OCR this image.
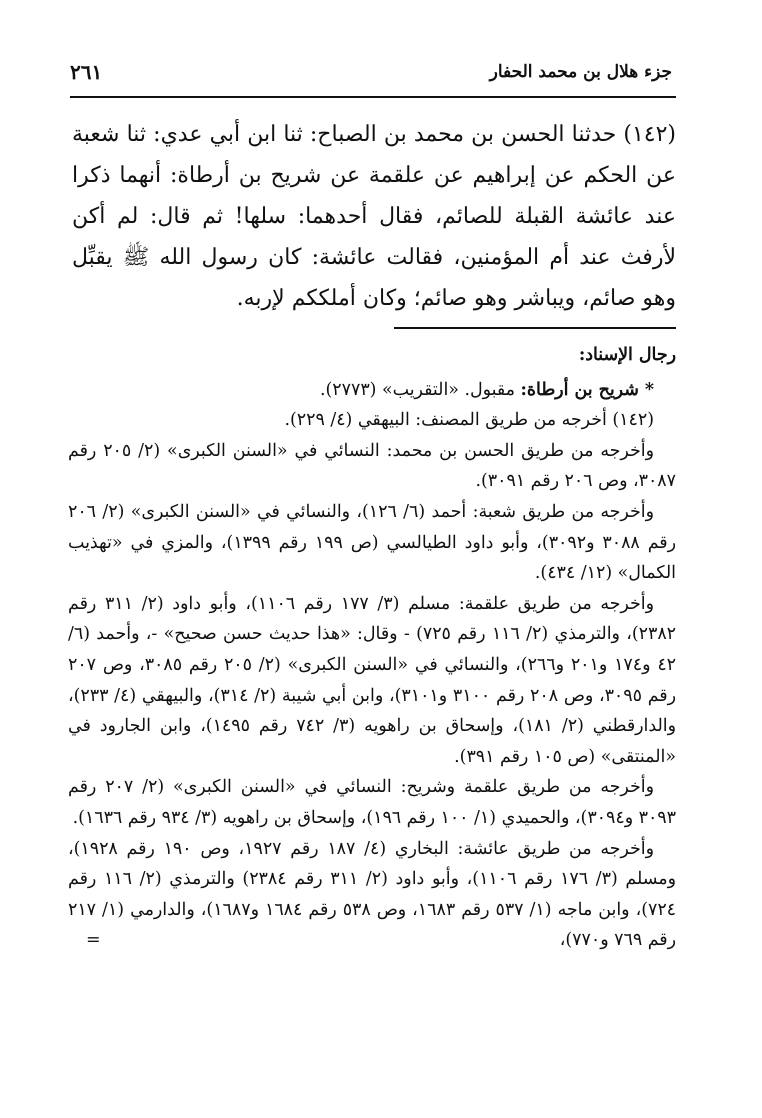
جزء هلال بن محمد الحفار
٢٦١

(١٤٢) حدثنا الحسن بن محمد بن الصباح: ثنا ابن أبي عدي: ثنا شعبة عن الحكم عن إبراهيم عن علقمة عن شريح بن أرطاة: أنهما ذكرا عند عائشة القبلة للصائم، فقال أحدهما: سلها! ثم قال: لم أكن لأرفث عند أم المؤمنين، فقالت عائشة: كان رسول الله ﷺ يقبِّل وهو صائم، ويباشر وهو صائم؛ وكان أملككم لإربه.

رجال الإسناد:

* شريح بن أرطاة: مقبول. «التقريب» (٢٧٧٣).

(١٤٢) أخرجه من طريق المصنف: البيهقي (٤/ ٢٢٩).

وأخرجه من طريق الحسن بن محمد: النسائي في «السنن الكبرى» (٢/ ٢٠٥ رقم ٣٠٨٧، وص ٢٠٦ رقم ٣٠٩١).

وأخرجه من طريق شعبة: أحمد (٦/ ١٢٦)، والنسائي في «السنن الكبرى» (٢/ ٢٠٦ رقم ٣٠٨٨ و٣٠٩٢)، وأبو داود الطيالسي (ص ١٩٩ رقم ١٣٩٩)، والمزي في «تهذيب الكمال» (١٢/ ٤٣٤).

وأخرجه من طريق علقمة: مسلم (٣/ ١٧٧ رقم ١١٠٦)، وأبو داود (٢/ ٣١١ رقم ٢٣٨٢)، والترمذي (٢/ ١١٦ رقم ٧٢٥) - وقال: «هذا حديث حسن صحيح» -، وأحمد (٦/ ٤٢ و١٧٤ و٢٠١ و٢٦٦)، والنسائي في «السنن الكبرى» (٢/ ٢٠٥ رقم ٣٠٨٥، وص ٢٠٧ رقم ٣٠٩٥، وص ٢٠٨ رقم ٣١٠٠ و٣١٠١)، وابن أبي شيبة (٢/ ٣١٤)، والبيهقي (٤/ ٢٣٣)، والدارقطني (٢/ ١٨١)، وإسحاق بن راهويه (٣/ ٧٤٢ رقم ١٤٩٥)، وابن الجارود في «المنتقى» (ص ١٠٥ رقم ٣٩١).

وأخرجه من طريق علقمة وشريح: النسائي في «السنن الكبرى» (٢/ ٢٠٧ رقم ٣٠٩٣ و٣٠٩٤)، والحميدي (١/ ١٠٠ رقم ١٩٦)، وإسحاق بن راهويه (٣/ ٩٣٤ رقم ١٦٣٦).

وأخرجه من طريق عائشة: البخاري (٤/ ١٨٧ رقم ١٩٢٧، وص ١٩٠ رقم ١٩٢٨)، ومسلم (٣/ ١٧٦ رقم ١١٠٦)، وأبو داود (٢/ ٣١١ رقم ٢٣٨٤) والترمذي (٢/ ١١٦ رقم ٧٢٤)، وابن ماجه (١/ ٥٣٧ رقم ١٦٨٣، وص ٥٣٨ رقم ١٦٨٤ و١٦٨٧)، والدارمي (١/ ٢١٧ رقم ٧٦٩ و٧٧٠)،
=
